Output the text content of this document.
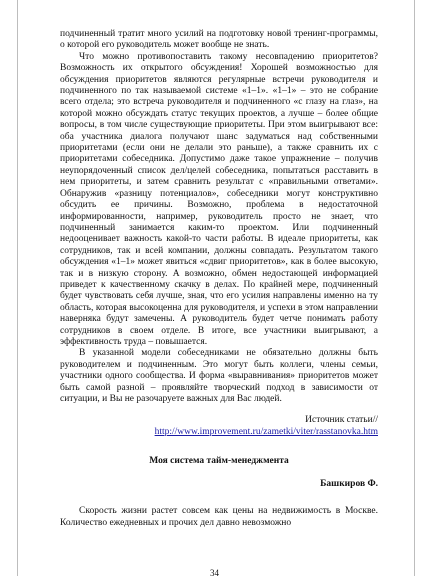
подчиненный тратит много усилий на подготовку новой тренинг-программы, о которой его руководитель может вообще не знать.

Что можно противопоставить такому несовпадению приоритетов? Возможность их открытого обсуждения! Хорошей возможностью для обсуждения приоритетов являются регулярные встречи руководителя и подчиненного по так называемой системе «1–1». «1–1» – это не собрание всего отдела; это встреча руководителя и подчиненного «с глазу на глаз», на которой можно обсуждать статус текущих проектов, а лучше – более общие вопросы, в том числе существующие приоритеты. При этом выигрывают все: оба участника диалога получают шанс задуматься над собственными приоритетами (если они не делали это раньше), а также сравнить их с приоритетами собеседника. Допустимо даже такое упражнение – получив неупорядоченный список дел/целей собеседника, попытаться расставить в нем приоритеты, и затем сравнить результат с «правильными ответами». Обнаружив «разницу потенциалов», собеседники могут конструктивно обсудить ее причины. Возможно, проблема в недостаточной информированности, например, руководитель просто не знает, что подчиненный занимается каким-то проектом. Или подчиненный недооценивает важность какой-то части работы. В идеале приоритеты, как сотрудников, так и всей компании, должны совпадать. Результатом такого обсуждения «1–1» может явиться «сдвиг приоритетов», как в более высокую, так и в низкую сторону. А возможно, обмен недостающей информацией приведет к качественному скачку в делах. По крайней мере, подчиненный будет чувствовать себя лучше, зная, что его усилия направлены именно на ту область, которая высокоценна для руководителя, и успехи в этом направлении наверняка будут замечены. А руководитель будет четче понимать работу сотрудников в своем отделе. В итоге, все участники выигрывают, а эффективность труда – повышается.

В указанной модели собеседниками не обязательно должны быть руководителем и подчиненным. Это могут быть коллеги, члены семьи, участники одного сообщества. И форма «выравнивания» приоритетов может быть самой разной – проявляйте творческий подход в зависимости от ситуации, и Вы не разочаруете важных для Вас людей.

Источник статьи//
http://www.improvement.ru/zametki/viter/rasstanovka.htm
Моя система тайм-менеджмента
Башкиров Ф.

Скорость жизни растет совсем как цены на недвижимость в Москве. Количество ежедневных и прочих дел давно невозможно

34
